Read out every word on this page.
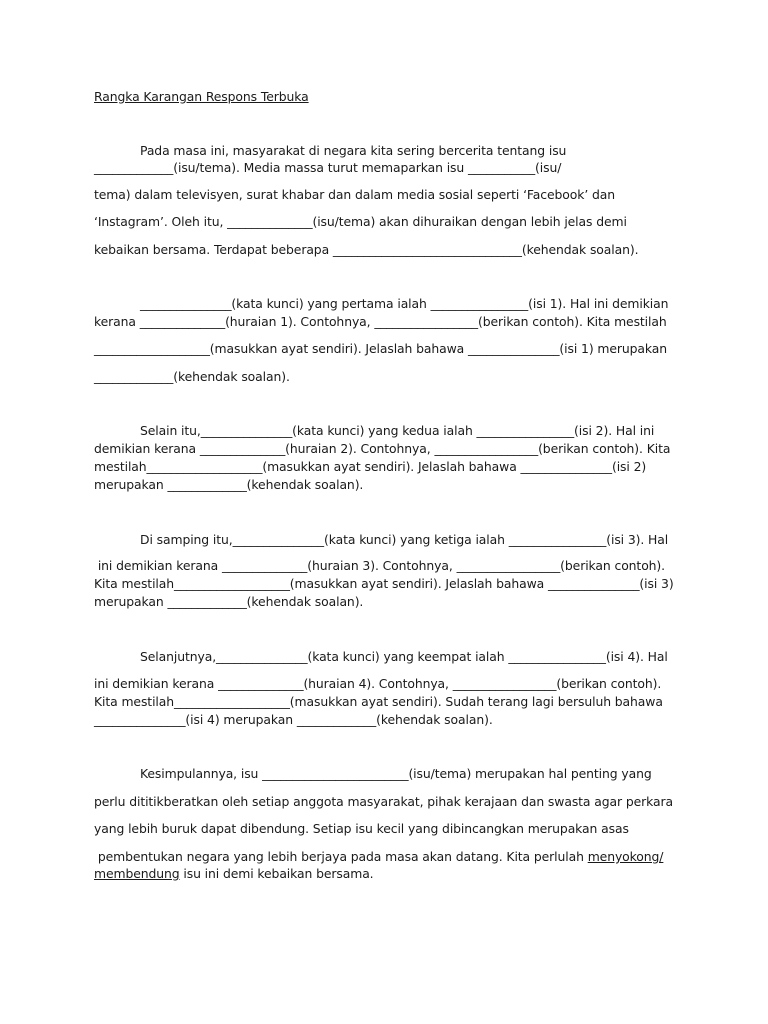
Rangka Karangan Respons Terbuka
Pada masa ini, masyarakat di negara kita sering bercerita tentang isu
_____________(isu/tema). Media massa turut memaparkan isu ___________(isu/
tema) dalam televisyen, surat khabar dan dalam media sosial seperti ‘Facebook’ dan
‘Instagram’. Oleh itu, ______________(isu/tema) akan dihuraikan dengan lebih jelas demi
kebaikan bersama. Terdapat beberapa _______________________________(kehendak soalan).
_______________(kata kunci) yang pertama ialah ________________(isi 1). Hal ini demikian
kerana ______________(huraian 1). Contohnya, _________________(berikan contoh). Kita mestilah
___________________(masukkan ayat sendiri). Jelaslah bahawa _______________(isi 1) merupakan
_____________(kehendak soalan).
Selain itu,_______________(kata kunci) yang kedua ialah ________________(isi 2). Hal ini
demikian kerana ______________(huraian 2). Contohnya, _________________(berikan contoh). Kita
mestilah___________________(masukkan ayat sendiri). Jelaslah bahawa _______________(isi 2)
merupakan _____________(kehendak soalan).
Di samping itu,_______________(kata kunci) yang ketiga ialah ________________(isi 3). Hal
ini demikian kerana ______________(huraian 3). Contohnya, _________________(berikan contoh).
Kita mestilah___________________(masukkan ayat sendiri). Jelaslah bahawa _______________(isi 3)
merupakan _____________(kehendak soalan).
Selanjutnya,_______________(kata kunci) yang keempat ialah ________________(isi 4). Hal
ini demikian kerana ______________(huraian 4). Contohnya, _________________(berikan contoh).
Kita mestilah___________________(masukkan ayat sendiri). Sudah terang lagi bersuluh bahawa
_______________(isi 4) merupakan _____________(kehendak soalan).
Kesimpulannya, isu ________________________(isu/tema) merupakan hal penting yang
perlu dititikberatkan oleh setiap anggota masyarakat, pihak kerajaan dan swasta agar perkara
yang lebih buruk dapat dibendung. Setiap isu kecil yang dibincangkan merupakan asas
pembentukan negara yang lebih berjaya pada masa akan datang. Kita perlulah menyokong/
membendung isu ini demi kebaikan bersama.
